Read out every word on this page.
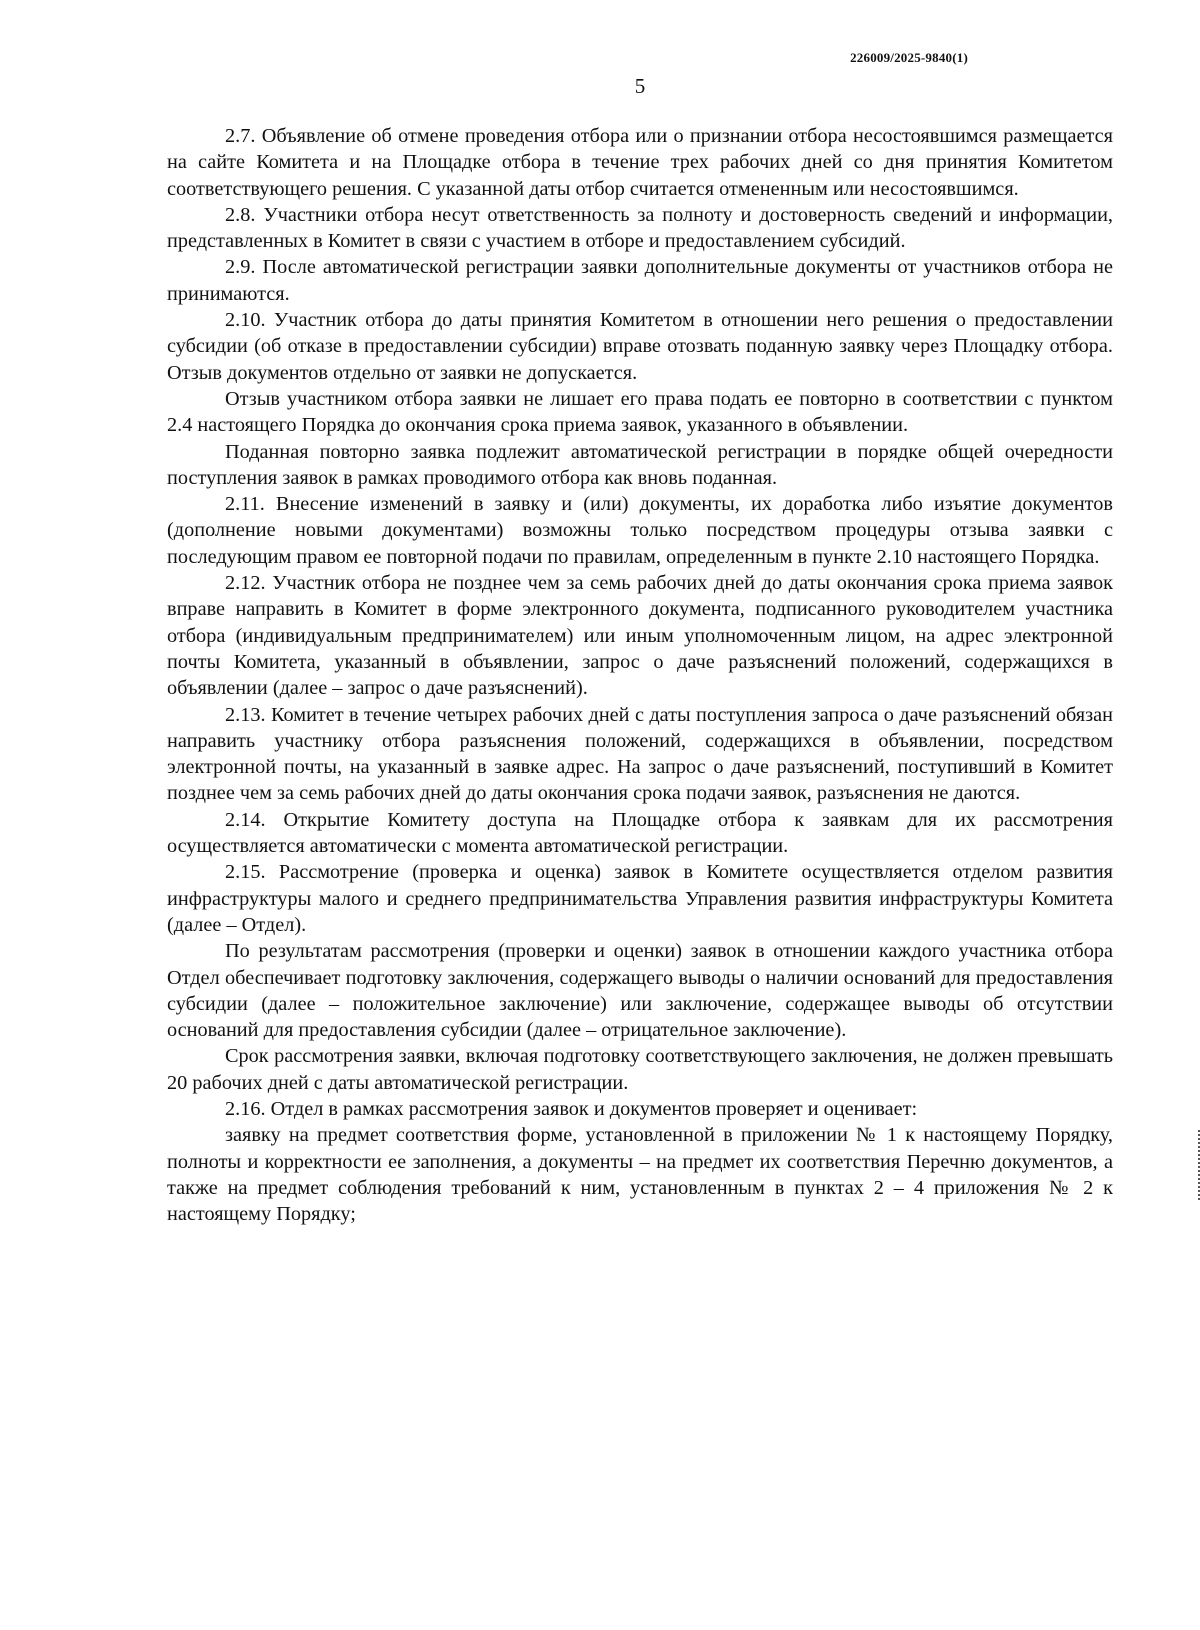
226009/2025-9840(1)
5

2.7. Объявление об отмене проведения отбора или о признании отбора несостоявшимся размещается на сайте Комитета и на Площадке отбора в течение трех рабочих дней со дня принятия Комитетом соответствующего решения. С указанной даты отбор считается отмененным или несостоявшимся.

2.8. Участники отбора несут ответственность за полноту и достоверность сведений и информации, представленных в Комитет в связи с участием в отборе и предоставлением субсидий.

2.9. После автоматической регистрации заявки дополнительные документы от участников отбора не принимаются.

2.10. Участник отбора до даты принятия Комитетом в отношении него решения о предоставлении субсидии (об отказе в предоставлении субсидии) вправе отозвать поданную заявку через Площадку отбора. Отзыв документов отдельно от заявки не допускается.

Отзыв участником отбора заявки не лишает его права подать ее повторно в соответствии с пунктом 2.4 настоящего Порядка до окончания срока приема заявок, указанного в объявлении.

Поданная повторно заявка подлежит автоматической регистрации в порядке общей очередности поступления заявок в рамках проводимого отбора как вновь поданная.

2.11. Внесение изменений в заявку и (или) документы, их доработка либо изъятие документов (дополнение новыми документами) возможны только посредством процедуры отзыва заявки с последующим правом ее повторной подачи по правилам, определенным в пункте 2.10 настоящего Порядка.

2.12. Участник отбора не позднее чем за семь рабочих дней до даты окончания срока приема заявок вправе направить в Комитет в форме электронного документа, подписанного руководителем участника отбора (индивидуальным предпринимателем) или иным уполномоченным лицом, на адрес электронной почты Комитета, указанный в объявлении, запрос о даче разъяснений положений, содержащихся в объявлении (далее – запрос о даче разъяснений).

2.13. Комитет в течение четырех рабочих дней с даты поступления запроса о даче разъяснений обязан направить участнику отбора разъяснения положений, содержащихся в объявлении, посредством электронной почты, на указанный в заявке адрес. На запрос о даче разъяснений, поступивший в Комитет позднее чем за семь рабочих дней до даты окончания срока подачи заявок, разъяснения не даются.

2.14. Открытие Комитету доступа на Площадке отбора к заявкам для их рассмотрения осуществляется автоматически с момента автоматической регистрации.

2.15. Рассмотрение (проверка и оценка) заявок в Комитете осуществляется отделом развития инфраструктуры малого и среднего предпринимательства Управления развития инфраструктуры Комитета (далее – Отдел).

По результатам рассмотрения (проверки и оценки) заявок в отношении каждого участника отбора Отдел обеспечивает подготовку заключения, содержащего выводы о наличии оснований для предоставления субсидии (далее – положительное заключение) или заключение, содержащее выводы об отсутствии оснований для предоставления субсидии (далее – отрицательное заключение).

Срок рассмотрения заявки, включая подготовку соответствующего заключения, не должен превышать 20 рабочих дней с даты автоматической регистрации.

2.16. Отдел в рамках рассмотрения заявок и документов проверяет и оценивает:

заявку на предмет соответствия форме, установленной в приложении № 1 к настоящему Порядку, полноты и корректности ее заполнения, а документы – на предмет их соответствия Перечню документов, а также на предмет соблюдения требований к ним, установленным в пунктах 2 – 4 приложения № 2 к настоящему Порядку;
